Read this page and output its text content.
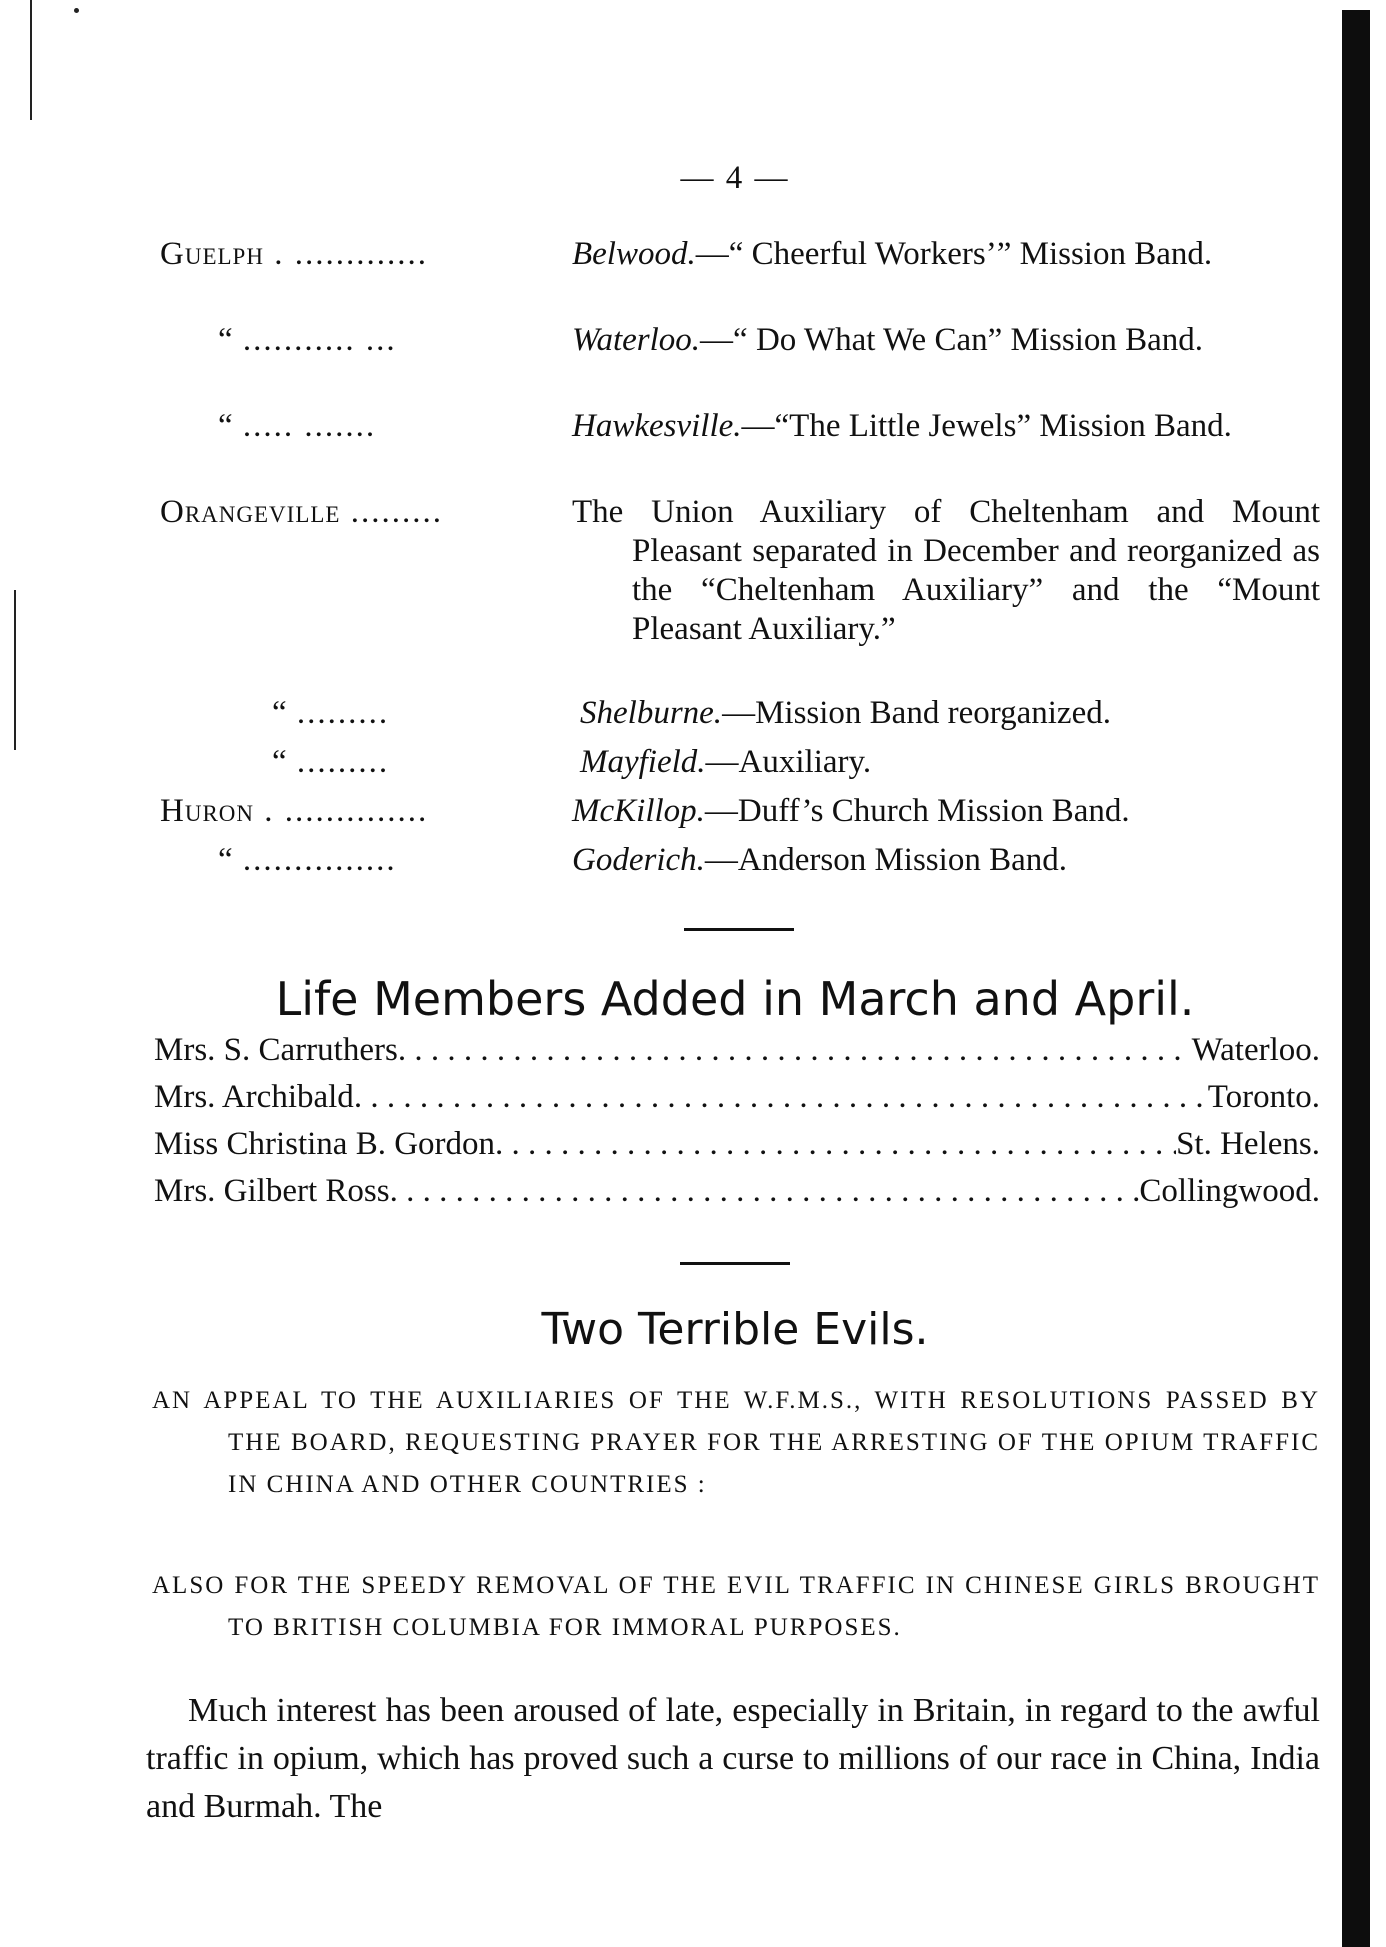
— 4 —
Guelph . .............	Belwood.—“ Cheerful Workers’” Mission Band.
“ ........... ...	Waterloo.—“ Do What We Can” Mission Band.
“ ..... .......	Hawkesville.—“The Little Jewels” Mission Band.
Orangeville .........	The Union Auxiliary of Cheltenham and Mount Pleasant separated in December and reorganized as the “Cheltenham Auxiliary” and the “Mount Pleasant Auxiliary.”
“ .........	Shelburne.—Mission Band reorganized.
“ .........	Mayfield.—Auxiliary.
Huron . ..............	McKillop.—Duff’s Church Mission Band.
“ ...............	Goderich.—Anderson Mission Band.
Life Members Added in March and April.
Mrs. S. Carruthers . . .	Waterloo.
Mrs. Archibald . . .	Toronto.
Miss Christina B. Gordon . . .	St. Helens.
Mrs. Gilbert Ross . . .	Collingwood.
Two Terrible Evils.

AN APPEAL TO THE AUXILIARIES OF THE W.F.M.S., WITH RESOLUTIONS PASSED BY THE BOARD, REQUESTING PRAYER FOR THE ARRESTING OF THE OPIUM TRAFFIC IN CHINA AND OTHER COUNTRIES :

ALSO FOR THE SPEEDY REMOVAL OF THE EVIL TRAFFIC IN CHINESE GIRLS BROUGHT TO BRITISH COLUMBIA FOR IMMORAL PURPOSES.

Much interest has been aroused of late, especially in Britain, in regard to the awful traffic in opium, which has proved such a curse to millions of our race in China, India and Burmah. The
